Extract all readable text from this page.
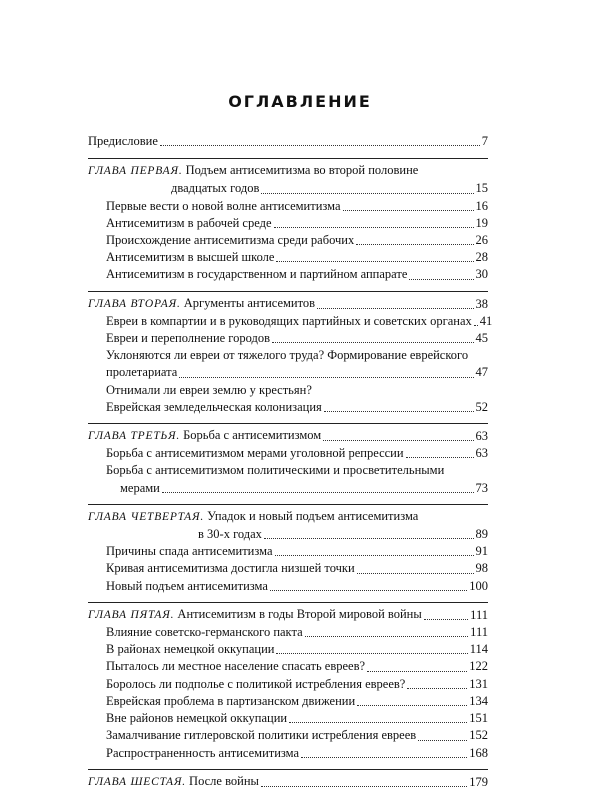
ОГЛАВЛЕНИЕ
Предисловие	7
ГЛАВА ПЕРВАЯ. Подъем антисемитизма во второй половине
двадцатых годов	15
Первые вести о новой волне антисемитизма	16
Антисемитизм в рабочей среде	19
Происхождение антисемитизма среди рабочих	26
Антисемитизм в высшей школе	28
Антисемитизм в государственном и партийном аппарате	30
ГЛАВА ВТОРАЯ. Аргументы антисемитов	38
Евреи в компартии и в руководящих партийных и советских органах 41
Евреи и переполнение городов	45
Уклоняются ли евреи от тяжелого труда? Формирование еврейского
пролетариата	47
Отнимали ли евреи землю у крестьян?
Еврейская земледельческая колонизация	52
ГЛАВА ТРЕТЬЯ. Борьба с антисемитизмом	63
Борьба с антисемитизмом мерами уголовной репрессии	63
Борьба с антисемитизмом политическими и просветительными
мерами	73
ГЛАВА ЧЕТВЕРТАЯ. Упадок и новый подъем антисемитизма
в 30-х годах	89
Причины спада антисемитизма	91
Кривая антисемитизма достигла низшей точки	98
Новый подъем антисемитизма	100
ГЛАВА ПЯТАЯ. Антисемитизм в годы Второй мировой войны	111
Влияние советско-германского пакта	111
В районах немецкой оккупации	114
Пыталось ли местное население спасать евреев?	122
Боролось ли подполье с политикой истребления евреев?	131
Еврейская проблема в партизанском движении	134
Вне районов немецкой оккупации	151
Замалчивание гитлеровской политики истребления евреев	152
Распространенность антисемитизма	168
ГЛАВА ШЕСТАЯ. После войны	179
